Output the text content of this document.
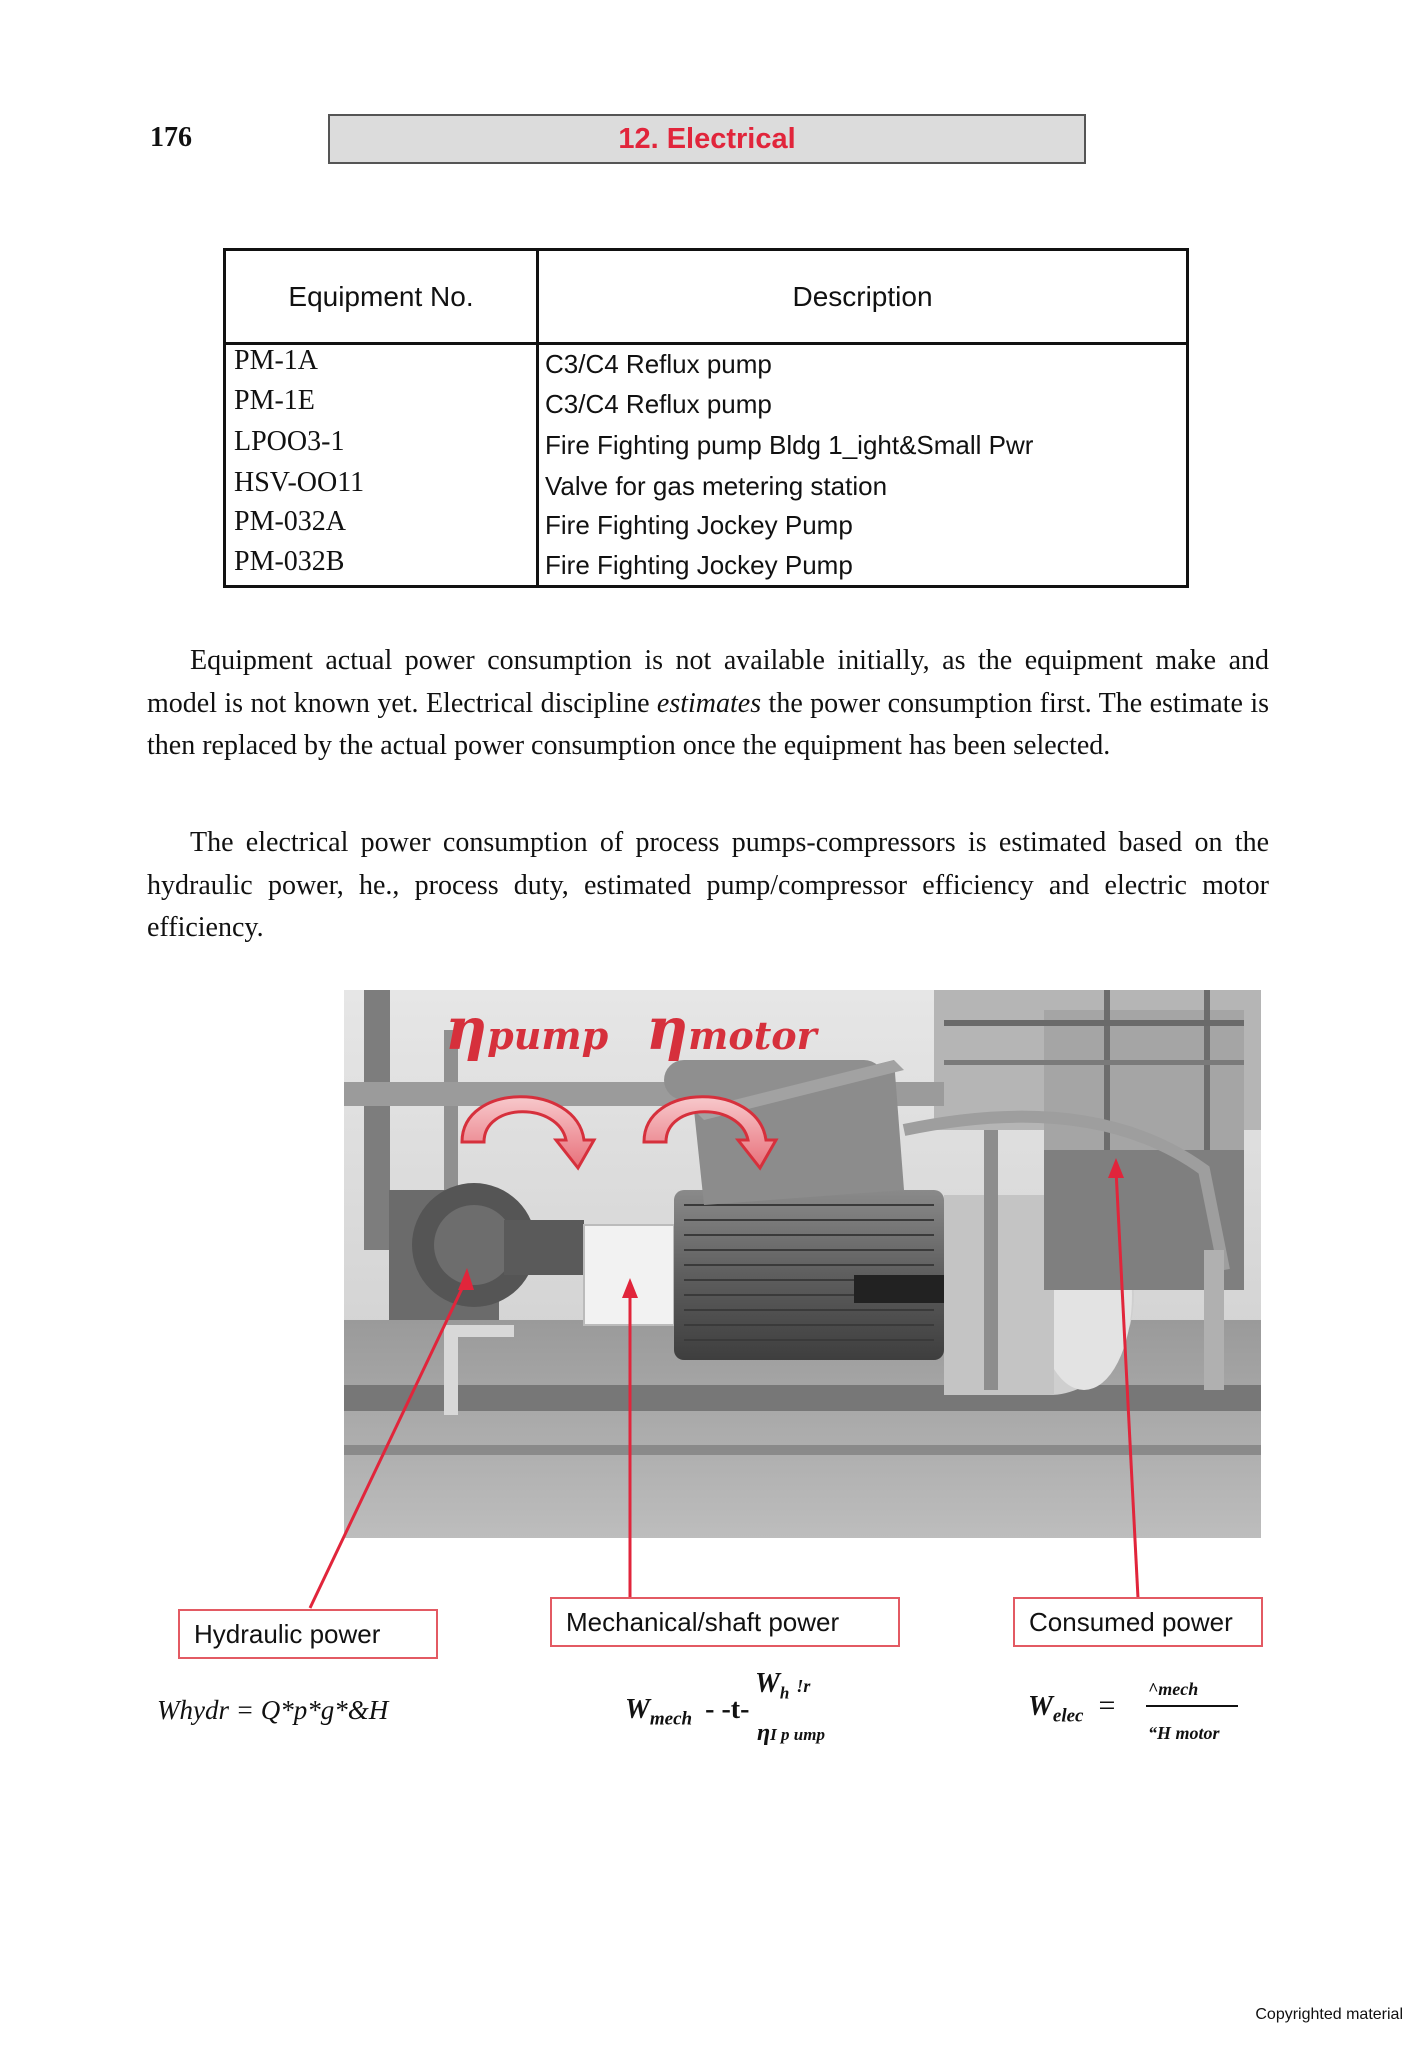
176	12. Electrical
Equipment No.	Description
PM-1A	C3/C4 Reflux pump
PM-1E	C3/C4 Reflux pump
LPOO3-1	Fire Fighting pump Bldg 1_ight&Small Pwr
HSV-OO11	Valve for gas metering station
PM-032A	Fire Fighting Jockey Pump
PM-032B	Fire Fighting Jockey Pump
Equipment actual power consumption is not available initially, as the equipment make and model is not known yet. Electrical discipline estimates the power consumption first. The estimate is then replaced by the actual power consumption once the equipment has been selected.
The electrical power consumption of process pumps-compressors is estimated based on the hydraulic power, he., process duty, estimated pump/compressor efficiency and electric motor efficiency.
ηpump ηmotor
Hydraulic power	Mechanical/shaft power	Consumed power
Whydr = Q*p*g*&H
$W_h$ !r
$W_{mech} - -t-$
ηI p ump
$W_{elec}$ = ^mech
“H motor
Copyrighted material
